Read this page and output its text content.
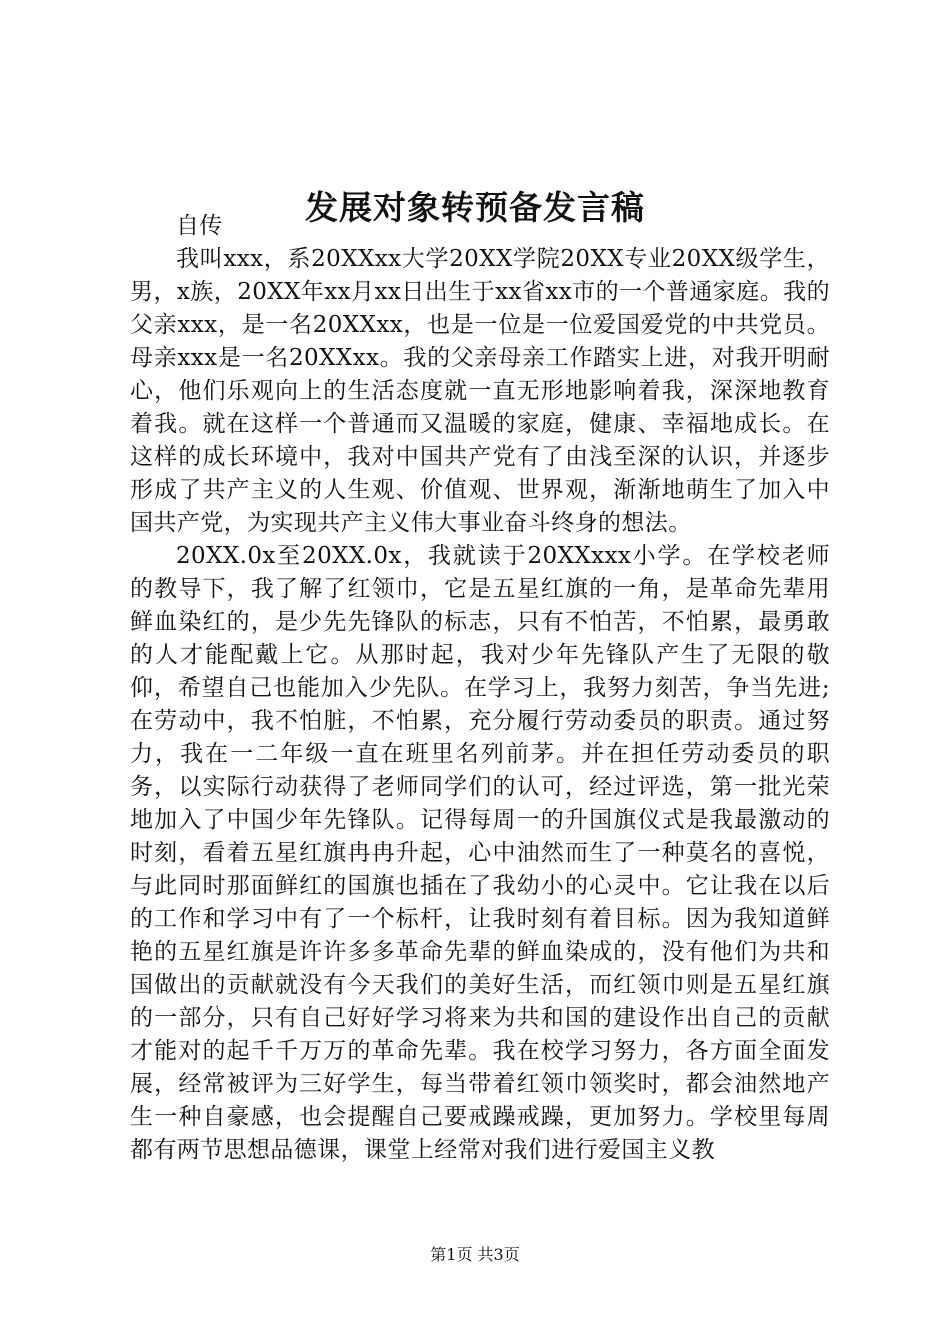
发展对象转预备发言稿

自传

我叫xxx，系20XXxx大学20XX学院20XX专业20XX级学生，男，x族，20XX年xx月xx日出生于xx省xx市的一个普通家庭。我的父亲xxx，是一名20XXxx，也是一位是一位爱国爱党的中共党员。母亲xxx是一名20XXxx。我的父亲母亲工作踏实上进，对我开明耐心，他们乐观向上的生活态度就一直无形地影响着我，深深地教育着我。就在这样一个普通而又温暖的家庭，健康、幸福地成长。在这样的成长环境中，我对中国共产党有了由浅至深的认识，并逐步形成了共产主义的人生观、价值观、世界观，渐渐地萌生了加入中国共产党，为实现共产主义伟大事业奋斗终身的想法。

20XX.0x至20XX.0x，我就读于20XXxxx小学。在学校老师的教导下，我了解了红领巾，它是五星红旗的一角，是革命先辈用鲜血染红的，是少先先锋队的标志，只有不怕苦，不怕累，最勇敢的人才能配戴上它。从那时起，我对少年先锋队产生了无限的敬仰，希望自己也能加入少先队。在学习上，我努力刻苦，争当先进;在劳动中，我不怕脏，不怕累，充分履行劳动委员的职责。通过努力，我在一二年级一直在班里名列前茅。并在担任劳动委员的职务，以实际行动获得了老师同学们的认可，经过评选，第一批光荣地加入了中国少年先锋队。记得每周一的升国旗仪式是我最激动的时刻，看着五星红旗冉冉升起，心中油然而生了一种莫名的喜悦，与此同时那面鲜红的国旗也插在了我幼小的心灵中。它让我在以后的工作和学习中有了一个标杆，让我时刻有着目标。因为我知道鲜艳的五星红旗是许许多多革命先辈的鲜血染成的，没有他们为共和国做出的贡献就没有今天我们的美好生活，而红领巾则是五星红旗的一部分，只有自己好好学习将来为共和国的建设作出自己的贡献才能对的起千千万万的革命先辈。我在校学习努力，各方面全面发展，经常被评为三好学生，每当带着红领巾领奖时，都会油然地产生一种自豪感，也会提醒自己要戒躁戒躁，更加努力。学校里每周都有两节思想品德课，课堂上经常对我们进行爱国主义教

第1页 共3页
